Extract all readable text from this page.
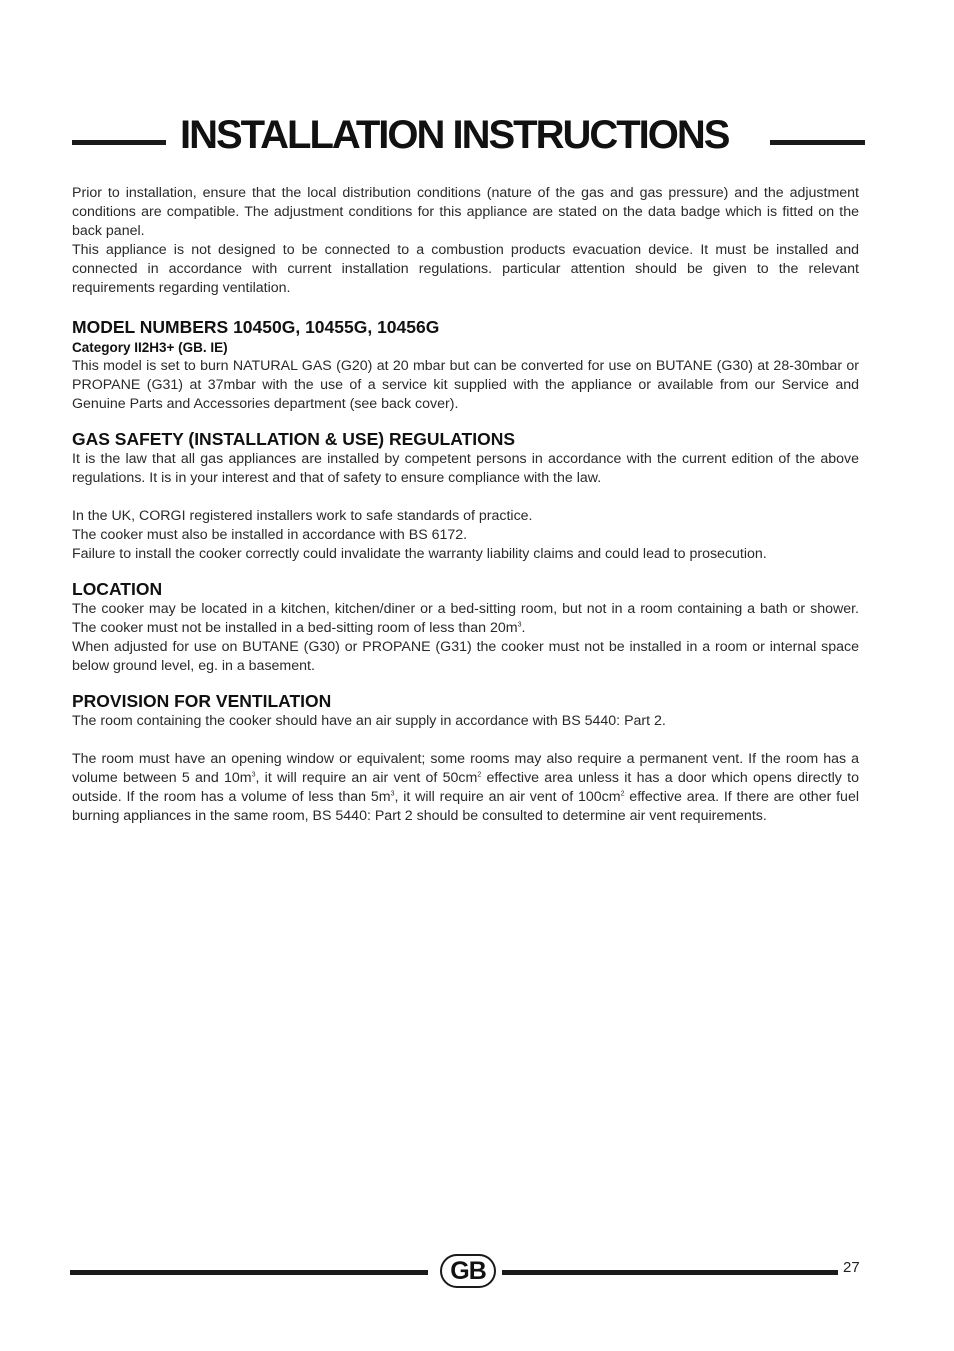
INSTALLATION INSTRUCTIONS

Prior to installation, ensure that the local distribution conditions (nature of the gas and gas pressure) and the adjustment conditions are compatible. The adjustment conditions for this appliance are stated on the data badge which is fitted on the back panel.

This appliance is not designed to be connected to a combustion products evacuation device. It must be installed and connected in accordance with current installation regulations. particular attention should be given to the relevant requirements regarding ventilation.

MODEL NUMBERS 10450G, 10455G, 10456G
Category II2H3+ (GB. IE)

This model is set to burn NATURAL GAS (G20) at 20 mbar but can be converted for use on BUTANE (G30) at 28-30mbar or PROPANE (G31) at 37mbar with the use of a service kit supplied with the appliance or available from our Service and Genuine Parts and Accessories department (see back cover).

GAS SAFETY (INSTALLATION & USE) REGULATIONS

It is the law that all gas appliances are installed by competent persons in accordance with the current edition of the above regulations. It is in your interest and that of safety to ensure compliance with the law.

In the UK, CORGI registered installers work to safe standards of practice.

The cooker must also be installed in accordance with BS 6172.

Failure to install the cooker correctly could invalidate the warranty liability claims and could lead to prosecution.

LOCATION

The cooker may be located in a kitchen, kitchen/diner or a bed-sitting room, but not in a room containing a bath or shower. The cooker must not be installed in a bed-sitting room of less than $20m^3$.

When adjusted for use on BUTANE (G30) or PROPANE (G31) the cooker must not be installed in a room or internal space below ground level, eg. in a basement.

PROVISION FOR VENTILATION

The room containing the cooker should have an air supply in accordance with BS 5440: Part 2.

The room must have an opening window or equivalent; some rooms may also require a permanent vent. If the room has a volume between 5 and $10m^3$, it will require an air vent of $50cm^2$ effective area unless it has a door which opens directly to outside. If the room has a volume of less than $5m^3$, it will require an air vent of $100cm^2$ effective area. If there are other fuel burning appliances in the same room, BS 5440: Part 2 should be consulted to determine air vent requirements.

GB	27
